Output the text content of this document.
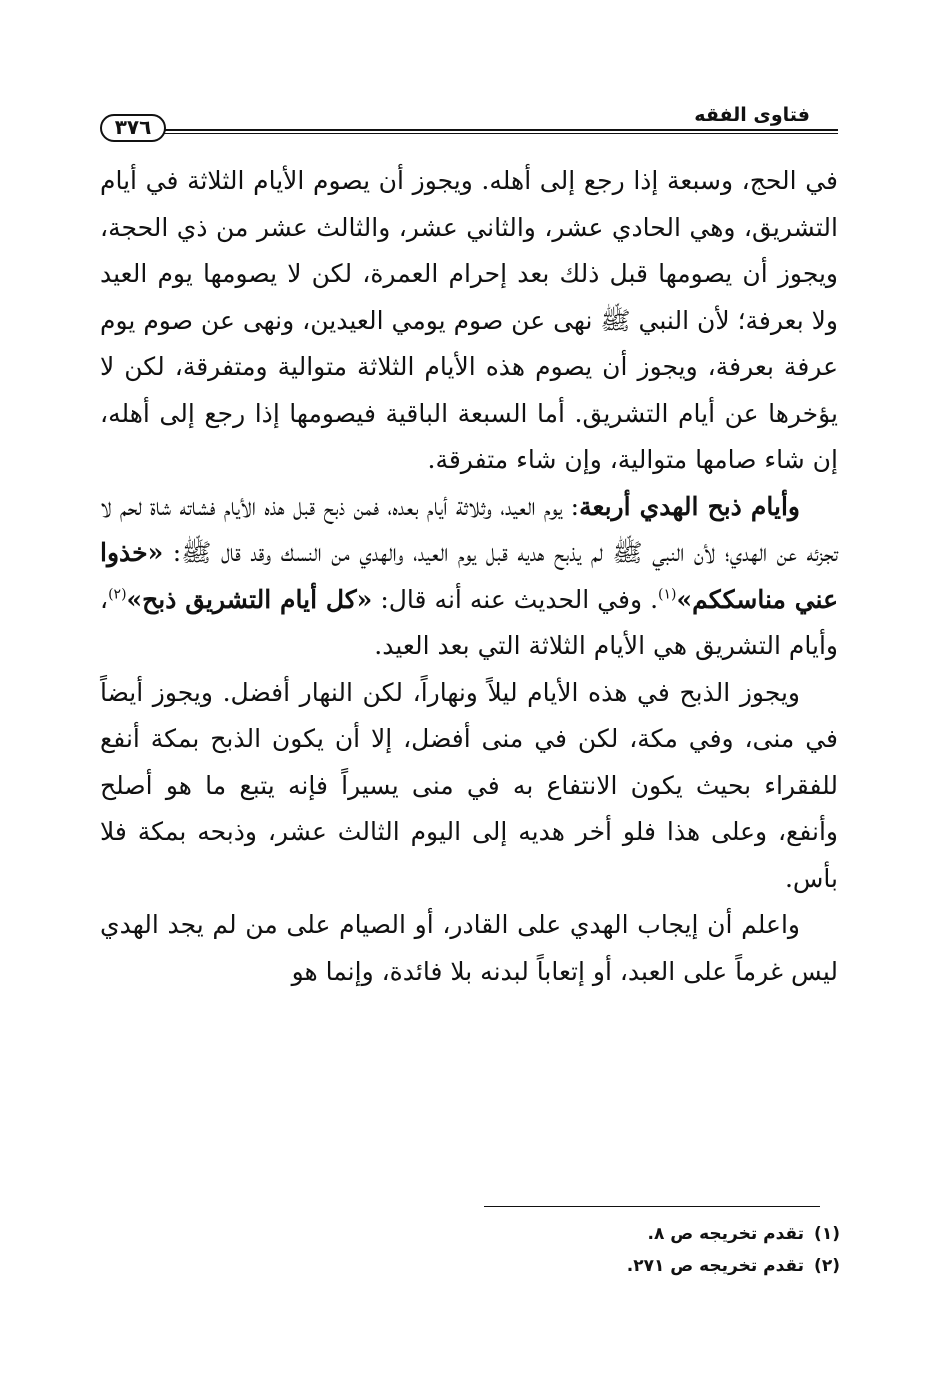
فتاوى الفقه
٣٧٦

في الحج، وسبعة إذا رجع إلى أهله. ويجوز أن يصوم الأيام الثلاثة في أيام التشريق، وهي الحادي عشر، والثاني عشر، والثالث عشر من ذي الحجة، ويجوز أن يصومها قبل ذلك بعد إحرام العمرة، لكن لا يصومها يوم العيد ولا بعرفة؛ لأن النبي ﷺ نهى عن صوم يومي العيدين، ونهى عن صوم يوم عرفة بعرفة، ويجوز أن يصوم هذه الأيام الثلاثة متوالية ومتفرقة، لكن لا يؤخرها عن أيام التشريق. أما السبعة الباقية فيصومها إذا رجع إلى أهله، إن شاء صامها متوالية، وإن شاء متفرقة.

وأيام ذبح الهدي أربعة: يوم العيد، وثلاثة أيام بعده، فمن ذبح قبل هذه الأيام فشاته شاة لحم لا تجزئه عن الهدي؛ لأن النبي ﷺ لم يذبح هديه قبل يوم العيد، والهدي من النسك وقد قال ﷺ: «خذوا عني مناسككم»$^{(١)}$. وفي الحديث عنه أنه قال: «كل أيام التشريق ذبح»$^{(٢)}$، وأيام التشريق هي الأيام الثلاثة التي بعد العيد.

ويجوز الذبح في هذه الأيام ليلاً ونهاراً، لكن النهار أفضل. ويجوز أيضاً في منى، وفي مكة، لكن في منى أفضل، إلا أن يكون الذبح بمكة أنفع للفقراء بحيث يكون الانتفاع به في منى يسيراً فإنه يتبع ما هو أصلح وأنفع، وعلى هذا فلو أخر هديه إلى اليوم الثالث عشر، وذبحه بمكة فلا بأس.

واعلم أن إيجاب الهدي على القادر، أو الصيام على من لم يجد الهدي ليس غرماً على العبد، أو إتعاباً لبدنه بلا فائدة، وإنما هو

(١)تقدم تخريجه ص ٨.
(٢)تقدم تخريجه ص ٢٧١.
